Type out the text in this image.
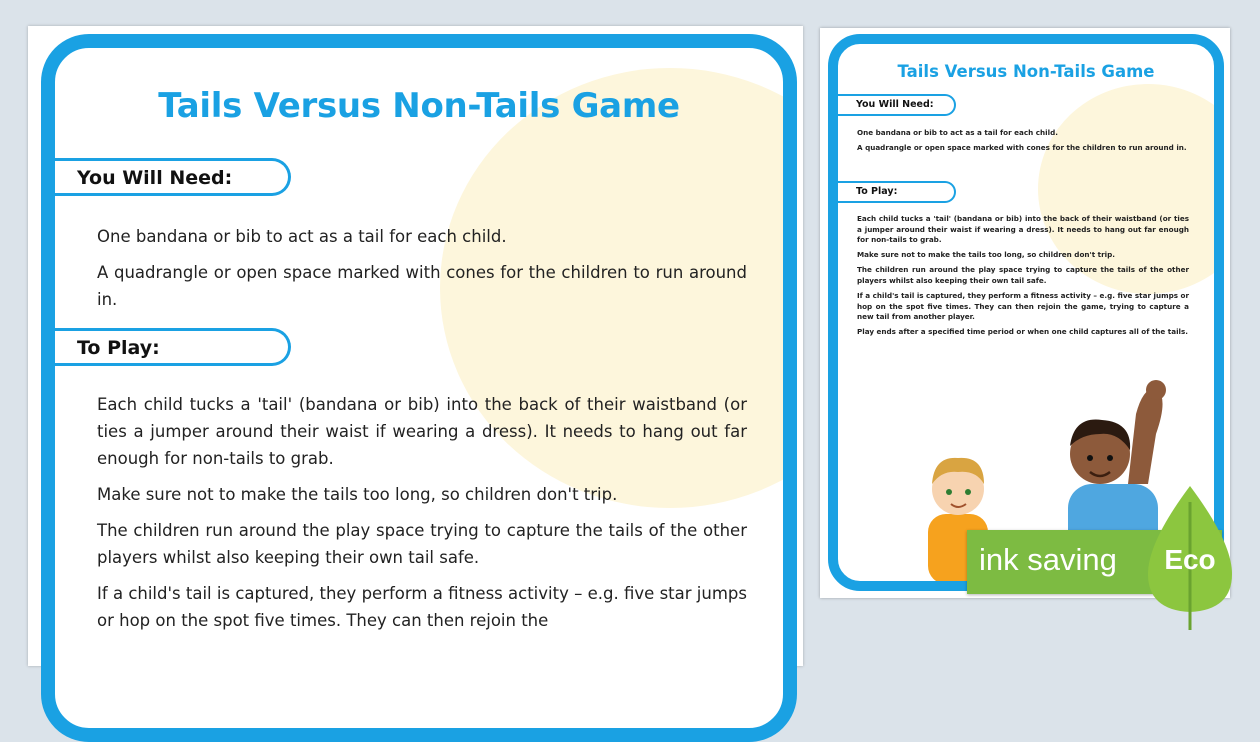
Tails Versus Non-Tails Game
You Will Need:

One bandana or bib to act as a tail for each child.

A quadrangle or open space marked with cones for the children to run around in.

To Play:

Each child tucks a 'tail' (bandana or bib) into the back of their waistband (or ties a jumper around their waist if wearing a dress). It needs to hang out far enough for non-tails to grab.

Make sure not to make the tails too long, so children don't trip.

The children run around the play space trying to capture the tails of the other players whilst also keeping their own tail safe.

If a child's tail is captured, they perform a fitness activity – e.g. five star jumps or hop on the spot five times. They can then rejoin the

Tails Versus Non-Tails Game
You Will Need:

One bandana or bib to act as a tail for each child.

A quadrangle or open space marked with cones for the children to run around in.

To Play:

Each child tucks a 'tail' (bandana or bib) into the back of their waistband (or ties a jumper around their waist if wearing a dress). It needs to hang out far enough for non-tails to grab.

Make sure not to make the tails too long, so children don't trip.

The children run around the play space trying to capture the tails of the other players whilst also keeping their own tail safe.

If a child's tail is captured, they perform a fitness activity – e.g. five star jumps or hop on the spot five times. They can then rejoin the game, trying to capture a new tail from another player.

Play ends after a specified time period or when one child captures all of the tails.

ink saving Eco
